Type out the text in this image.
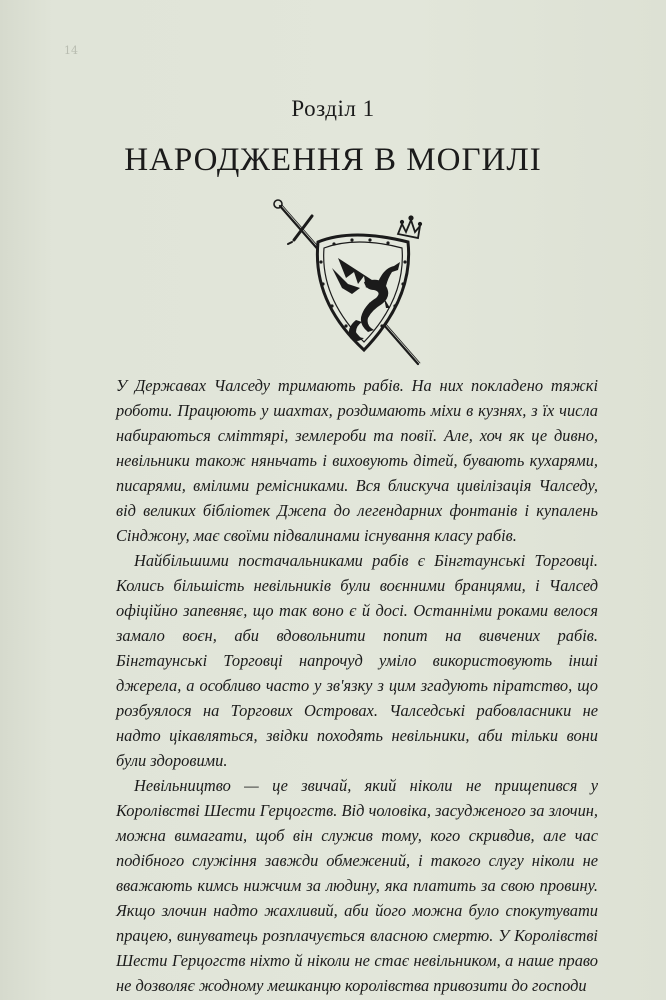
14
Розділ 1
НАРОДЖЕННЯ В МОГИЛІ

У Державах Чалседу тримають рабів. На них покладено тяжкі роботи. Працюють у шахтах, роздимають міхи в кузнях, з їх числа набираються сміттярі, землероби та повії. Але, хоч як це дивно, невільники також няньчать і виховують дітей, бувають кухарями, писарями, вмілими ремісниками. Вся блискуча цивілізація Чалседу, від великих бібліотек Джепа до легендарних фонтанів і купалень Сінджону, має своїми підвалинами існування класу рабів.

Найбільшими постачальниками рабів є Бінгтаунські Торговці. Колись більшість невільників були воєнними бранцями, і Чалсед офіційно запевняє, що так воно є й досі. Останніми роками велося замало воєн, аби вдовольнити попит на вивчених рабів. Бінгтаунські Торговці напрочуд уміло використовують інші джерела, а особливо часто у зв'язку з цим згадують піратство, що розбуялося на Торгових Островах. Чалседські рабовласники не надто цікавляться, звідки походять невільники, аби тільки вони були здоровими.

Невільництво — це звичай, який ніколи не прищепився у Королівстві Шести Герцогств. Від чоловіка, засудженого за злочин, можна вимагати, щоб він служив тому, кого скривдив, але час подібного служіння завжди обмежений, і такого слугу ніколи не вважають кимсь нижчим за людину, яка платить за свою провину. Якщо злочин надто жахливий, аби його можна було спокутувати працею, винуватець розплачується власною смертю. У Королівстві Шести Герцогств ніхто й ніколи не стає невільником, а наше право не дозволяє жодному мешканцю королівства привозити до господи
